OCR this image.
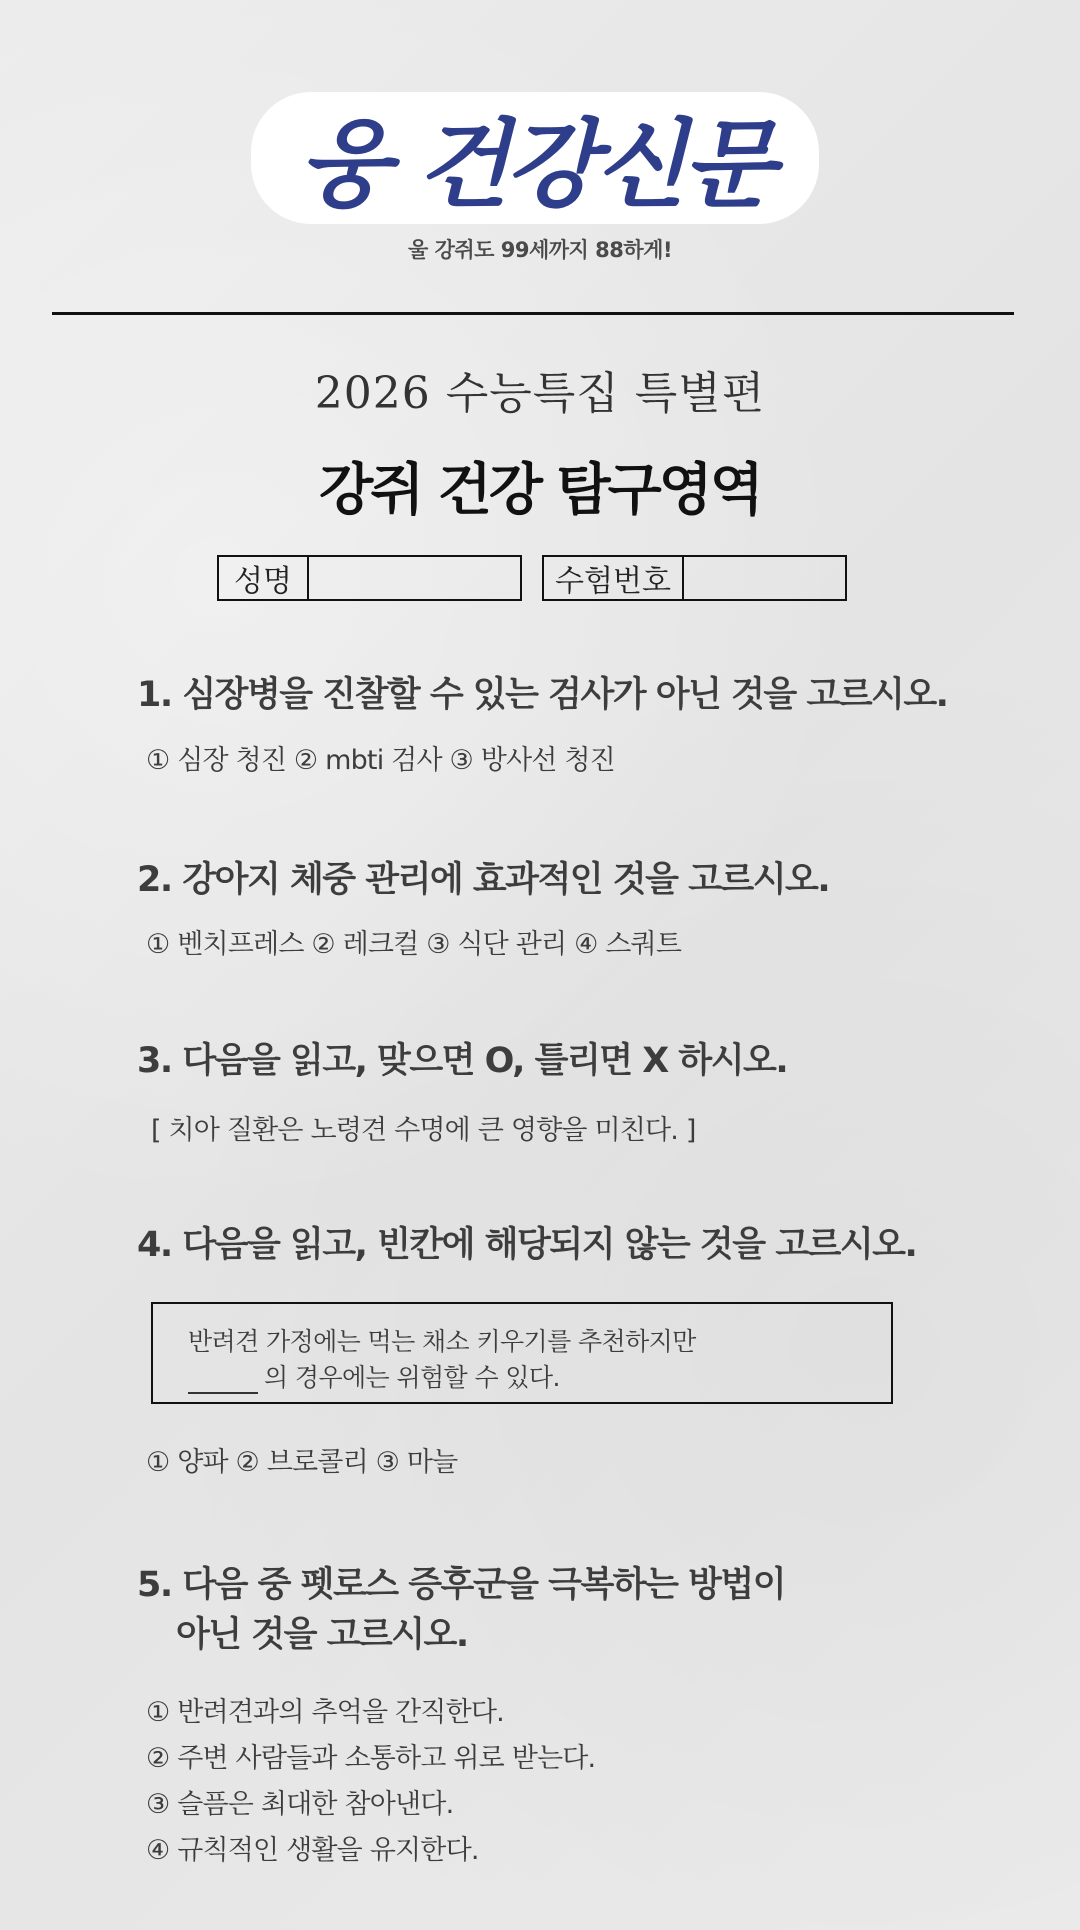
웅 건강신문
울 강쥐도 99세까지 88하게!
2026 수능특집 특별편
강쥐 건강 탐구영역
성명	수험번호
1. 심장병을 진찰할 수 있는 검사가 아닌 것을 고르시오.
① 심장 청진 ② mbti 검사 ③ 방사선 청진
2. 강아지 체중 관리에 효과적인 것을 고르시오.
① 벤치프레스 ② 레크컬 ③ 식단 관리 ④ 스쿼트
3. 다음을 읽고, 맞으면 O, 틀리면 X 하시오.
[ 치아 질환은 노령견 수명에 큰 영향을 미친다. ]
4. 다음을 읽고, 빈칸에 해당되지 않는 것을 고르시오.
반려견 가정에는 먹는 채소 키우기를 추천하지만
의 경우에는 위험할 수 있다.
① 양파 ② 브로콜리 ③ 마늘
5. 다음 중 펫로스 증후군을 극복하는 방법이
아닌 것을 고르시오.
① 반려견과의 추억을 간직한다.
② 주변 사람들과 소통하고 위로 받는다.
③ 슬픔은 최대한 참아낸다.
④ 규칙적인 생활을 유지한다.
